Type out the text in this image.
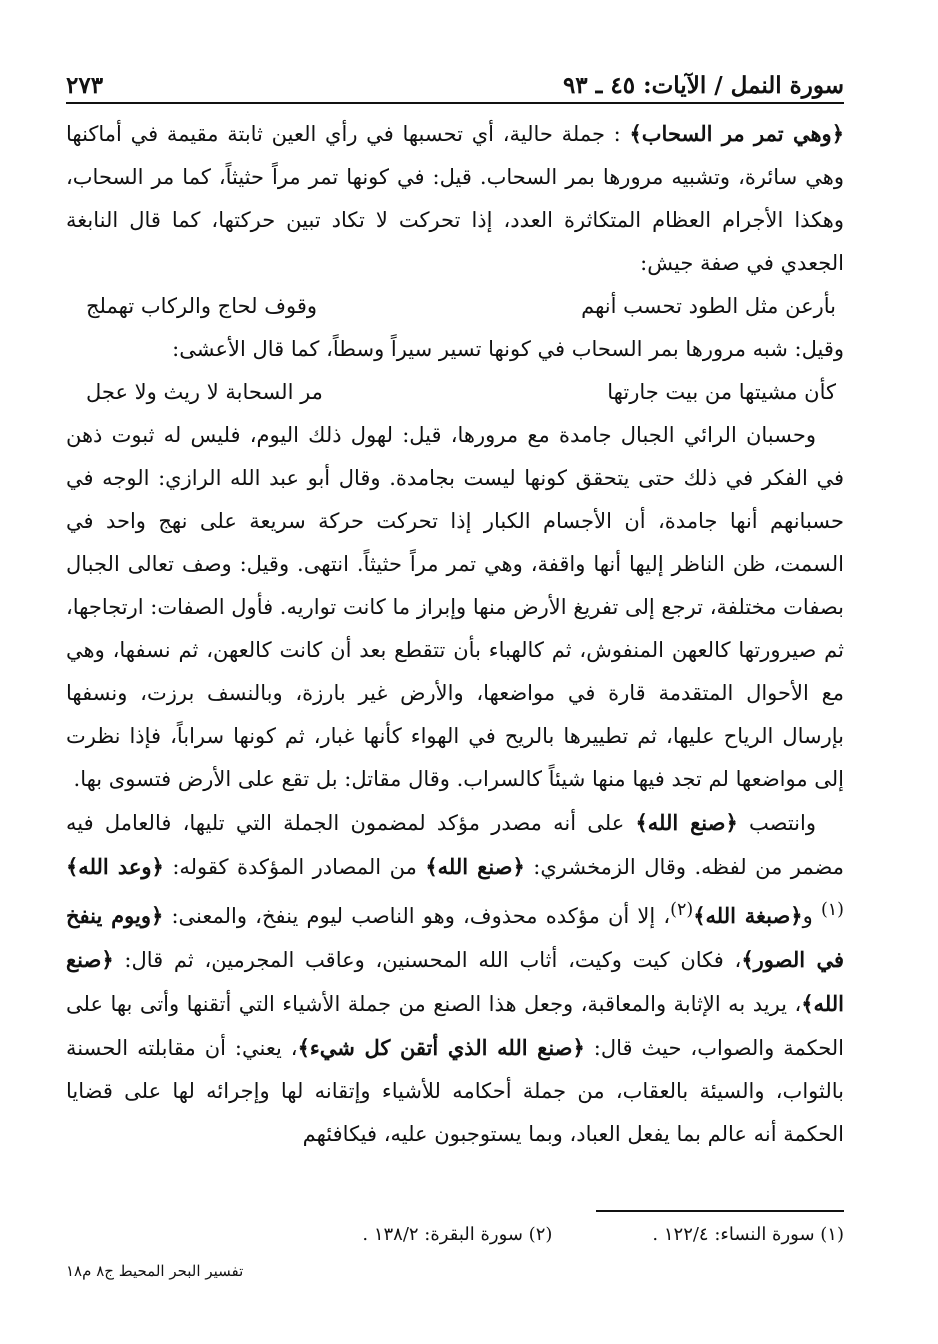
سورة النمل / الآيات: ٤٥ ـ ٩٣
٢٧٣

﴿وهي تمر مر السحاب﴾ : جملة حالية، أي تحسبها في رأي العين ثابتة مقيمة في أماكنها وهي سائرة، وتشبيه مرورها بمر السحاب. قيل: في كونها تمر مراً حثيثاً، كما مر السحاب، وهكذا الأجرام العظام المتكاثرة العدد، إذا تحركت لا تكاد تبين حركتها، كما قال النابغة الجعدي في صفة جيش:

بأرعن مثل الطود تحسب أنهم
وقوف لحاج والركاب تهملج

وقيل: شبه مرورها بمر السحاب في كونها تسير سيراً وسطاً، كما قال الأعشى:

كأن مشيتها من بيت جارتها
مر السحابة لا ريث ولا عجل

وحسبان الرائي الجبال جامدة مع مرورها، قيل: لهول ذلك اليوم، فليس له ثبوت ذهن في الفكر في ذلك حتى يتحقق كونها ليست بجامدة. وقال أبو عبد الله الرازي: الوجه في حسبانهم أنها جامدة، أن الأجسام الكبار إذا تحركت حركة سريعة على نهج واحد في السمت، ظن الناظر إليها أنها واقفة، وهي تمر مراً حثيثاً. انتهى. وقيل: وصف تعالى الجبال بصفات مختلفة، ترجع إلى تفريغ الأرض منها وإبراز ما كانت تواريه. فأول الصفات: ارتجاجها، ثم صيرورتها كالعهن المنفوش، ثم كالهباء بأن تتقطع بعد أن كانت كالعهن، ثم نسفها، وهي مع الأحوال المتقدمة قارة في مواضعها، والأرض غير بارزة، وبالنسف برزت، ونسفها بإرسال الرياح عليها، ثم تطييرها بالريح في الهواء كأنها غبار، ثم كونها سراباً، فإذا نظرت إلى مواضعها لم تجد فيها منها شيئاً كالسراب. وقال مقاتل: بل تقع على الأرض فتسوى بها.

وانتصب ﴿صنع الله﴾ على أنه مصدر مؤكد لمضمون الجملة التي تليها، فالعامل فيه مضمر من لفظه. وقال الزمخشري: ﴿صنع الله﴾ من المصادر المؤكدة كقوله: ﴿وعد الله﴾$^{(١)}$ و﴿صبغة الله﴾$^{(٢)}$، إلا أن مؤكده محذوف، وهو الناصب ليوم ينفخ، والمعنى: ﴿ويوم ينفخ في الصور﴾، فكان كيت وكيت، أثاب الله المحسنين، وعاقب المجرمين، ثم قال: ﴿صنع الله﴾، يريد به الإثابة والمعاقبة، وجعل هذا الصنع من جملة الأشياء التي أتقنها وأتى بها على الحكمة والصواب، حيث قال: ﴿صنع الله الذي أتقن كل شيء﴾، يعني: أن مقابلته الحسنة بالثواب، والسيئة بالعقاب، من جملة أحكامه للأشياء وإتقانه لها وإجرائه لها على قضايا الحكمة أنه عالم بما يفعل العباد، وبما يستوجبون عليه، فيكافئهم

(١) سورة النساء: ١٢٢/٤ .
(٢) سورة البقرة: ١٣٨/٢ .
تفسير البحر المحيط ج٨ م١٨
